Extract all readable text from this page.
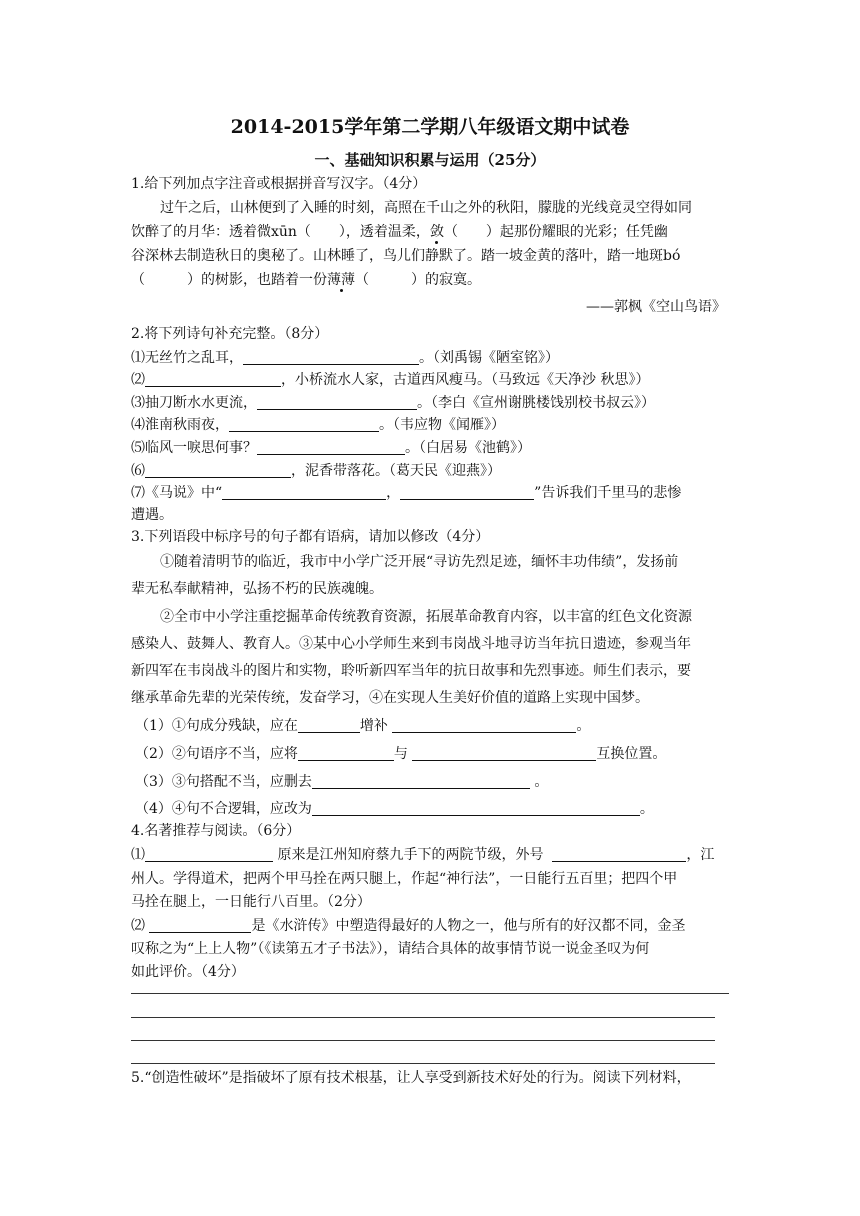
2014-2015学年第二学期八年级语文期中试卷
一、基础知识积累与运用（25分）
1.给下列加点字注音或根据拼音写汉字。（4分）
过午之后，山林便到了入睡的时刻，高照在千山之外的秋阳，朦胧的光线竟灵空得如同
饮醉了的月华：透着微xūn（　　），透着温柔，敛（　　）起那份耀眼的光彩；任凭幽
谷深林去制造秋日的奥秘了。山林睡了，鸟儿们静默了。踏一坡金黄的落叶，踏一地斑bó
（　　　）的树影，也踏着一份薄薄（　　　）的寂寞。
——郭枫《空山鸟语》
2.将下列诗句补充完整。（8分）
⑴无丝竹之乱耳，	。（刘禹锡《陋室铭》）
⑵	，小桥流水人家，古道西风瘦马。（马致远《天净沙 秋思》）
⑶抽刀断水水更流，	。（李白《宣州谢朓楼饯别校书叔云》）
⑷淮南秋雨夜，	。（韦应物《闻雁》）
⑸临风一唳思何事？	。（白居易《池鹤》）
⑹	，泥香带落花。（葛天民《迎燕》）
⑺《马说》中“	，	”告诉我们千里马的悲惨
遭遇。
3.下列语段中标序号的句子都有语病，请加以修改（4分）
①随着清明节的临近，我市中小学广泛开展“寻访先烈足迹，缅怀丰功伟绩”，发扬前
辈无私奉献精神，弘扬不朽的民族魂魄。
②全市中小学注重挖掘革命传统教育资源，拓展革命教育内容，以丰富的红色文化资源
感染人、鼓舞人、教育人。③某中心小学师生来到韦岗战斗地寻访当年抗日遗迹，参观当年
新四军在韦岗战斗的图片和实物，聆听新四军当年的抗日故事和先烈事迹。师生们表示，要
继承革命先辈的光荣传统，发奋学习，④在实现人生美好价值的道路上实现中国梦。
（1）①句成分残缺，应在	增补	。
（2）②句语序不当，应将	与	互换位置。
（3）③句搭配不当，应删去	。
（4）④句不合逻辑，应改为	。
4.名著推荐与阅读。（6分）
⑴	原来是江州知府蔡九手下的两院节级，外号	，江
州人。学得道术，把两个甲马拴在两只腿上，作起“神行法”，一日能行五百里；把四个甲
马拴在腿上，一日能行八百里。（2分）
⑵	是《水浒传》中塑造得最好的人物之一，他与所有的好汉都不同，金圣
叹称之为“上上人物”（《读第五才子书法》），请结合具体的故事情节说一说金圣叹为何
如此评价。（4分）
5.“创造性破坏”是指破坏了原有技术根基，让人享受到新技术好处的行为。阅读下列材料，
